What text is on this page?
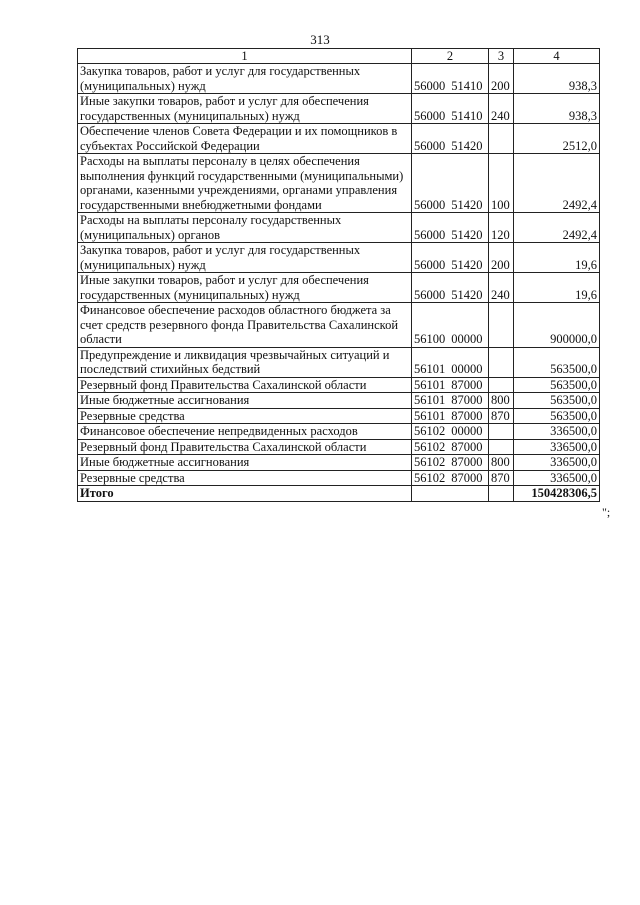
313
1	2	3	4
Закупка товаров, работ и услуг для государственных (муниципальных) нужд	56000 51410	200	938,3
Иные закупки товаров, работ и услуг для обеспечения государственных (муниципальных) нужд	56000 51410	240	938,3
Обеспечение членов Совета Федерации и их помощников в субъектах Российской Федерации	56000 51420		2512,0
Расходы на выплаты персоналу в целях обеспечения выполнения функций государственными (муниципальными) органами, казенными учреждениями, органами управления государственными внебюджетными фондами	56000 51420	100	2492,4
Расходы на выплаты персоналу государственных (муниципальных) органов	56000 51420	120	2492,4
Закупка товаров, работ и услуг для государственных (муниципальных) нужд	56000 51420	200	19,6
Иные закупки товаров, работ и услуг для обеспечения государственных (муниципальных) нужд	56000 51420	240	19,6
Финансовое обеспечение расходов областного бюджета за счет средств резервного фонда Правительства Сахалинской области	56100 00000		900000,0
Предупреждение и ликвидация чрезвычайных ситуаций и последствий стихийных бедствий	56101 00000		563500,0
Резервный фонд Правительства Сахалинской области	56101 87000		563500,0
Иные бюджетные ассигнования	56101 87000	800	563500,0
Резервные средства	56101 87000	870	563500,0
Финансовое обеспечение непредвиденных расходов	56102 00000		336500,0
Резервный фонд Правительства Сахалинской области	56102 87000		336500,0
Иные бюджетные ассигнования	56102 87000	800	336500,0
Резервные средства	56102 87000	870	336500,0
Итого			150428306,5
";
